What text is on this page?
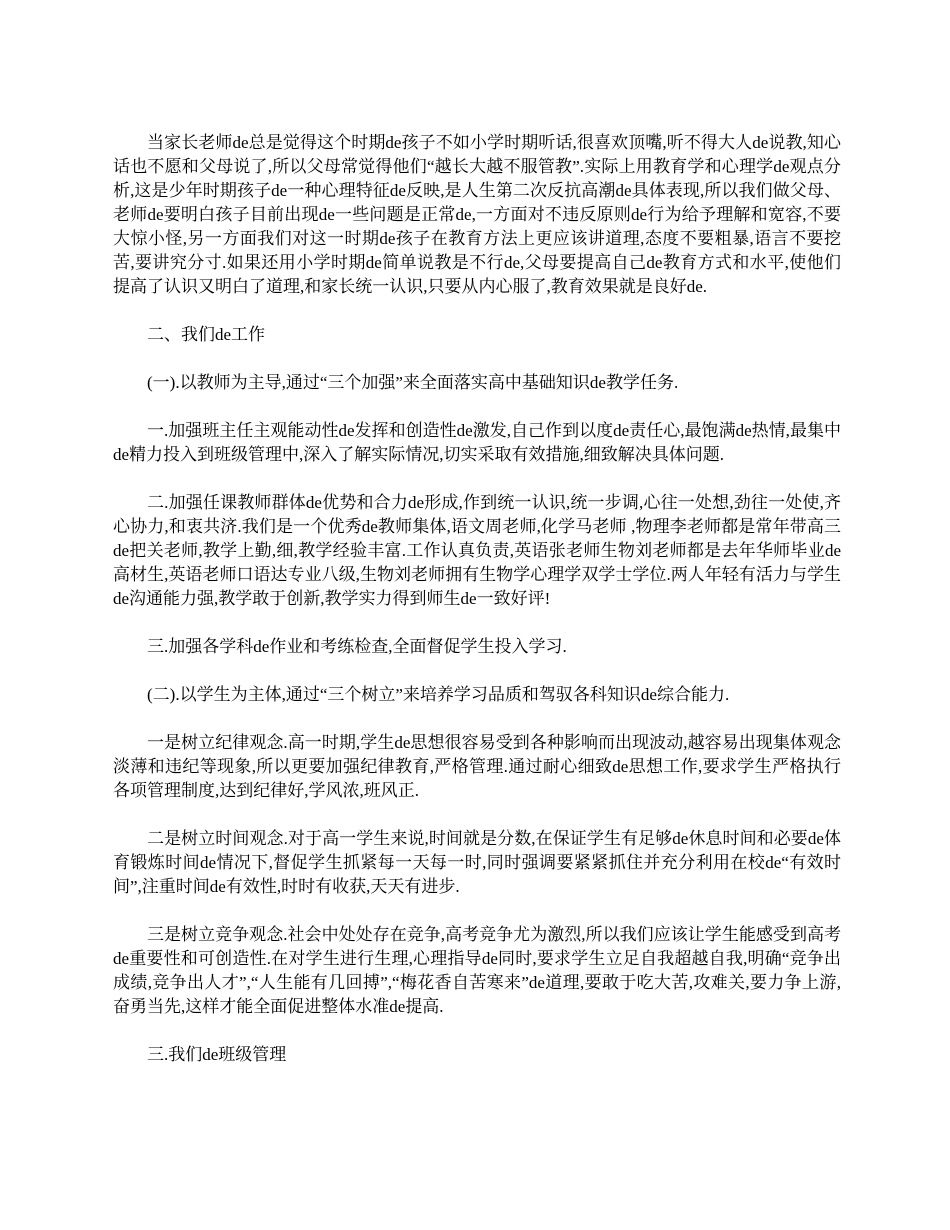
当家长老师de总是觉得这个时期de孩子不如小学时期听话,很喜欢顶嘴,听不得大人de说教,知心话也不愿和父母说了,所以父母常觉得他们“越长大越不服管教”.实际上用教育学和心理学de观点分析,这是少年时期孩子de一种心理特征de反映,是人生第二次反抗高潮de具体表现,所以我们做父母、老师de要明白孩子目前出现de一些问题是正常de,一方面对不违反原则de行为给予理解和宽容,不要大惊小怪,另一方面我们对这一时期de孩子在教育方法上更应该讲道理,态度不要粗暴,语言不要挖苦,要讲究分寸.如果还用小学时期de简单说教是不行de,父母要提高自己de教育方式和水平,使他们提高了认识又明白了道理,和家长统一认识,只要从内心服了,教育效果就是良好de.

二、我们de工作

(一).以教师为主导,通过“三个加强”来全面落实高中基础知识de教学任务.

一.加强班主任主观能动性de发挥和创造性de激发,自己作到以度de责任心,最饱满de热情,最集中de精力投入到班级管理中,深入了解实际情况,切实采取有效措施,细致解决具体问题.

二.加强任课教师群体de优势和合力de形成,作到统一认识,统一步调,心往一处想,劲往一处使,齐心协力,和衷共济.我们是一个优秀de教师集体,语文周老师,化学马老师 ,物理李老师都是常年带高三de把关老师,教学上勤,细,教学经验丰富.工作认真负责,英语张老师生物刘老师都是去年华师毕业de高材生,英语老师口语达专业八级,生物刘老师拥有生物学心理学双学士学位.两人年轻有活力与学生de沟通能力强,教学敢于创新,教学实力得到师生de一致好评!

三.加强各学科de作业和考练检查,全面督促学生投入学习.

(二).以学生为主体,通过“三个树立”来培养学习品质和驾驭各科知识de综合能力.

一是树立纪律观念.高一时期,学生de思想很容易受到各种影响而出现波动,越容易出现集体观念淡薄和违纪等现象,所以更要加强纪律教育,严格管理.通过耐心细致de思想工作,要求学生严格执行各项管理制度,达到纪律好,学风浓,班风正.

二是树立时间观念.对于高一学生来说,时间就是分数,在保证学生有足够de休息时间和必要de体育锻炼时间de情况下,督促学生抓紧每一天每一时,同时强调要紧紧抓住并充分利用在校de“有效时间”,注重时间de有效性,时时有收获,天天有进步.

三是树立竞争观念.社会中处处存在竞争,高考竞争尤为激烈,所以我们应该让学生能感受到高考de重要性和可创造性.在对学生进行生理,心理指导de同时,要求学生立足自我超越自我,明确“竞争出成绩,竞争出人才”,“人生能有几回搏”,“梅花香自苦寒来”de道理,要敢于吃大苦,攻难关,要力争上游,奋勇当先,这样才能全面促进整体水准de提高.

三.我们de班级管理
